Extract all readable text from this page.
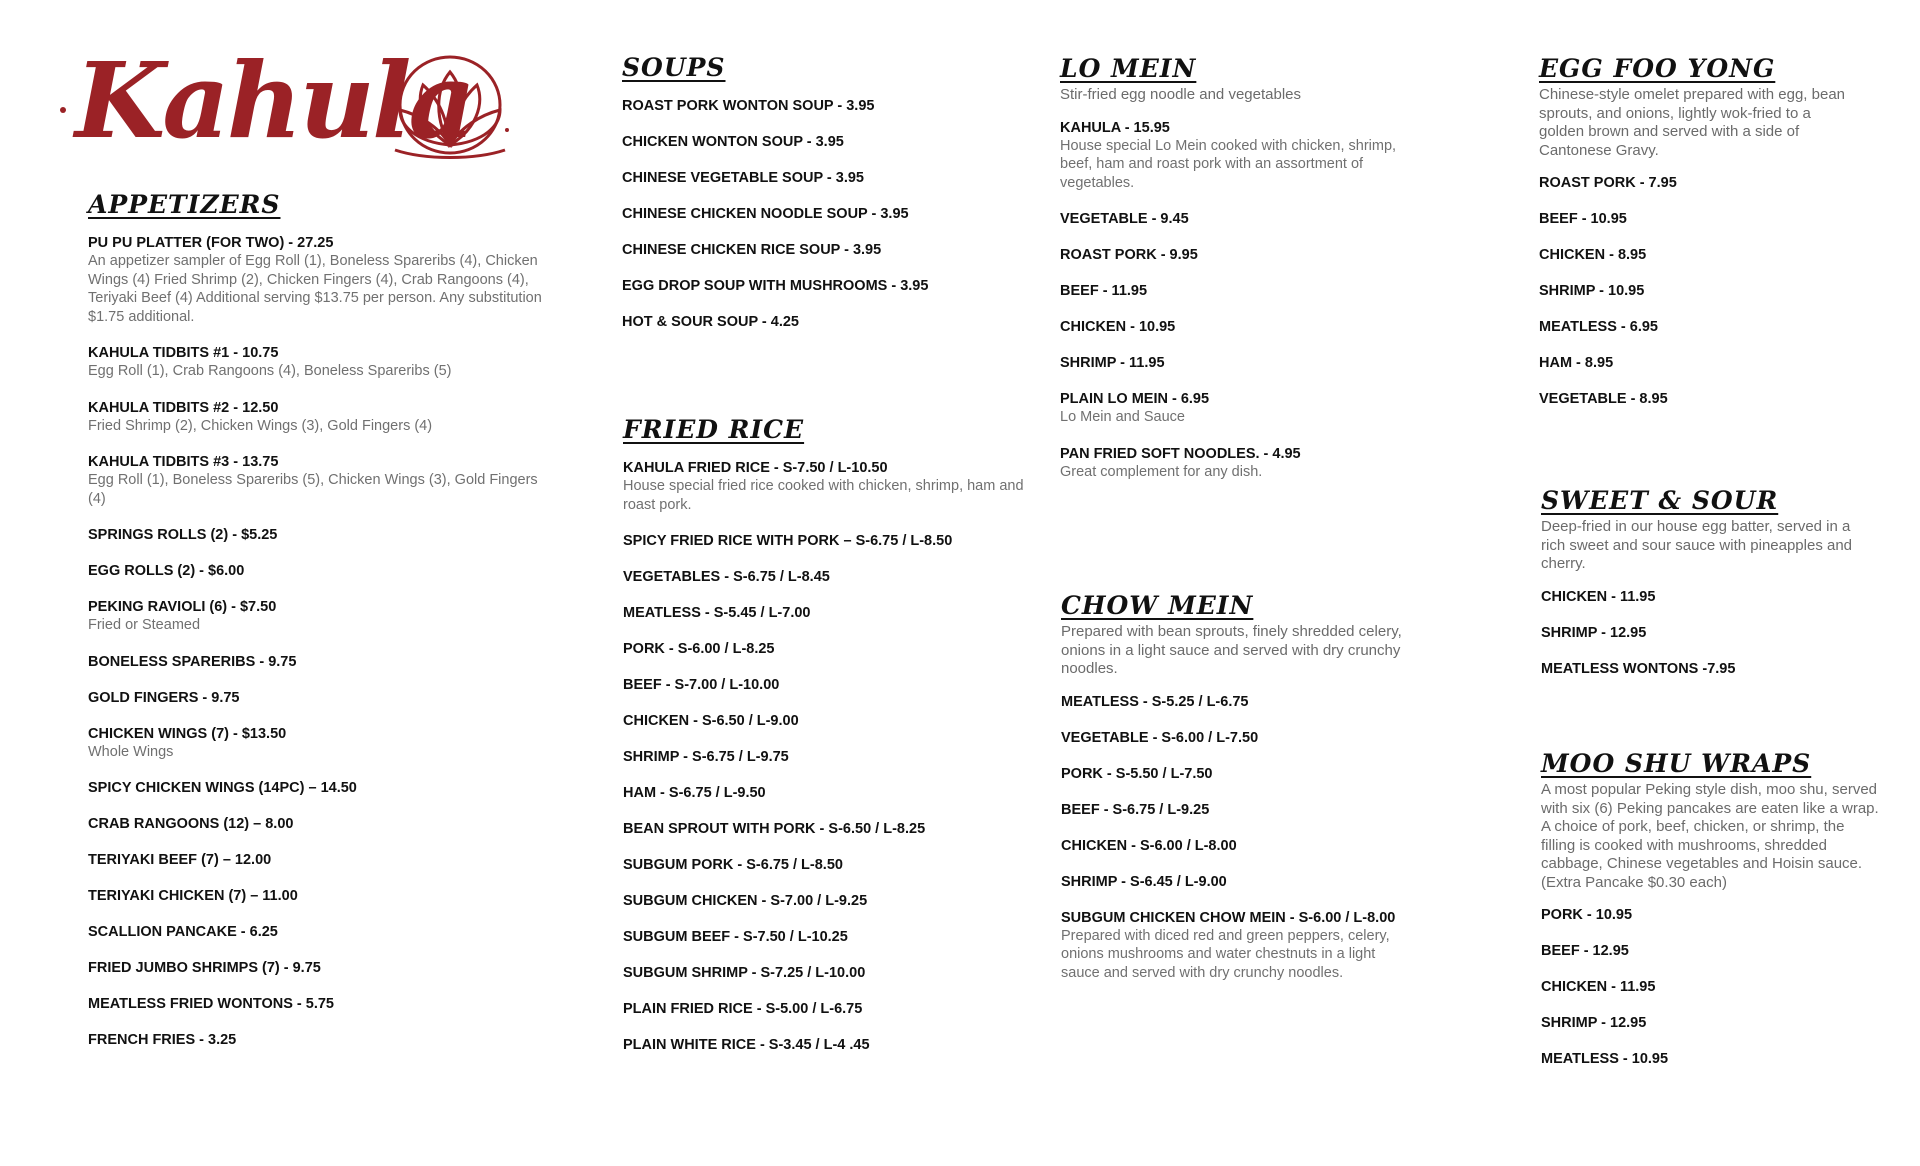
Kahula
APPETIZERS
PU PU PLATTER (FOR TWO) - 27.25
An appetizer sampler of Egg Roll (1), Boneless Spareribs (4), Chicken Wings (4) Fried Shrimp (2), Chicken Fingers (4), Crab Rangoons (4), Teriyaki Beef (4) Additional serving $13.75 per person. Any substitution $1.75 additional.
KAHULA TIDBITS #1 - 10.75
Egg Roll (1), Crab Rangoons (4), Boneless Spareribs (5)
KAHULA TIDBITS #2 - 12.50
Fried Shrimp (2), Chicken Wings (3), Gold Fingers (4)
KAHULA TIDBITS #3 - 13.75
Egg Roll (1), Boneless Spareribs (5), Chicken Wings (3), Gold Fingers (4)
SPRINGS ROLLS (2) - $5.25
EGG ROLLS (2) - $6.00
PEKING RAVIOLI (6) - $7.50
Fried or Steamed
BONELESS SPARERIBS - 9.75
GOLD FINGERS - 9.75
CHICKEN WINGS (7) - $13.50
Whole Wings
SPICY CHICKEN WINGS (14PC) – 14.50
CRAB RANGOONS (12) – 8.00
TERIYAKI BEEF (7) – 12.00
TERIYAKI CHICKEN (7) – 11.00
SCALLION PANCAKE - 6.25
FRIED JUMBO SHRIMPS (7) - 9.75
MEATLESS FRIED WONTONS - 5.75
FRENCH FRIES - 3.25
SOUPS
ROAST PORK WONTON SOUP - 3.95
CHICKEN WONTON SOUP - 3.95
CHINESE VEGETABLE SOUP - 3.95
CHINESE CHICKEN NOODLE SOUP - 3.95
CHINESE CHICKEN RICE SOUP - 3.95
EGG DROP SOUP WITH MUSHROOMS - 3.95
HOT & SOUR SOUP - 4.25
FRIED RICE
KAHULA FRIED RICE - S-7.50 / L-10.50
House special fried rice cooked with chicken, shrimp, ham and roast pork.
SPICY FRIED RICE WITH PORK – S-6.75 / L-8.50
VEGETABLES - S-6.75 / L-8.45
MEATLESS - S-5.45 / L-7.00
PORK - S-6.00 / L-8.25
BEEF - S-7.00 / L-10.00
CHICKEN - S-6.50 / L-9.00
SHRIMP - S-6.75 / L-9.75
HAM - S-6.75 / L-9.50
BEAN SPROUT WITH PORK - S-6.50 / L-8.25
SUBGUM PORK - S-6.75 / L-8.50
SUBGUM CHICKEN - S-7.00 / L-9.25
SUBGUM BEEF - S-7.50 / L-10.25
SUBGUM SHRIMP - S-7.25 / L-10.00
PLAIN FRIED RICE - S-5.00 / L-6.75
PLAIN WHITE RICE - S-3.45 / L-4 .45
LO MEIN
Stir-fried egg noodle and vegetables
KAHULA - 15.95
House special Lo Mein cooked with chicken, shrimp, beef, ham and roast pork with an assortment of vegetables.
VEGETABLE - 9.45
ROAST PORK - 9.95
BEEF - 11.95
CHICKEN - 10.95
SHRIMP - 11.95
PLAIN LO MEIN - 6.95
Lo Mein and Sauce
PAN FRIED SOFT NOODLES. - 4.95
Great complement for any dish.
CHOW MEIN
Prepared with bean sprouts, finely shredded celery, onions in a light sauce and served with dry crunchy noodles.
MEATLESS - S-5.25 / L-6.75
VEGETABLE - S-6.00 / L-7.50
PORK - S-5.50 / L-7.50
BEEF - S-6.75 / L-9.25
CHICKEN - S-6.00 / L-8.00
SHRIMP - S-6.45 / L-9.00
SUBGUM CHICKEN CHOW MEIN - S-6.00 / L-8.00
Prepared with diced red and green peppers, celery, onions mushrooms and water chestnuts in a light sauce and served with dry crunchy noodles.
EGG FOO YONG
Chinese-style omelet prepared with egg, bean sprouts, and onions, lightly wok-fried to a golden brown and served with a side of Cantonese Gravy.
ROAST PORK - 7.95
BEEF - 10.95
CHICKEN - 8.95
SHRIMP - 10.95
MEATLESS - 6.95
HAM - 8.95
VEGETABLE - 8.95
SWEET & SOUR
Deep-fried in our house egg batter, served in a rich sweet and sour sauce with pineapples and cherry.
CHICKEN - 11.95
SHRIMP - 12.95
MEATLESS WONTONS -7.95
MOO SHU WRAPS
A most popular Peking style dish, moo shu, served with six (6) Peking pancakes are eaten like a wrap. A choice of pork, beef, chicken, or shrimp, the filling is cooked with mushrooms, shredded cabbage, Chinese vegetables and Hoisin sauce. (Extra Pancake $0.30 each)
PORK - 10.95
BEEF - 12.95
CHICKEN - 11.95
SHRIMP - 12.95
MEATLESS - 10.95
